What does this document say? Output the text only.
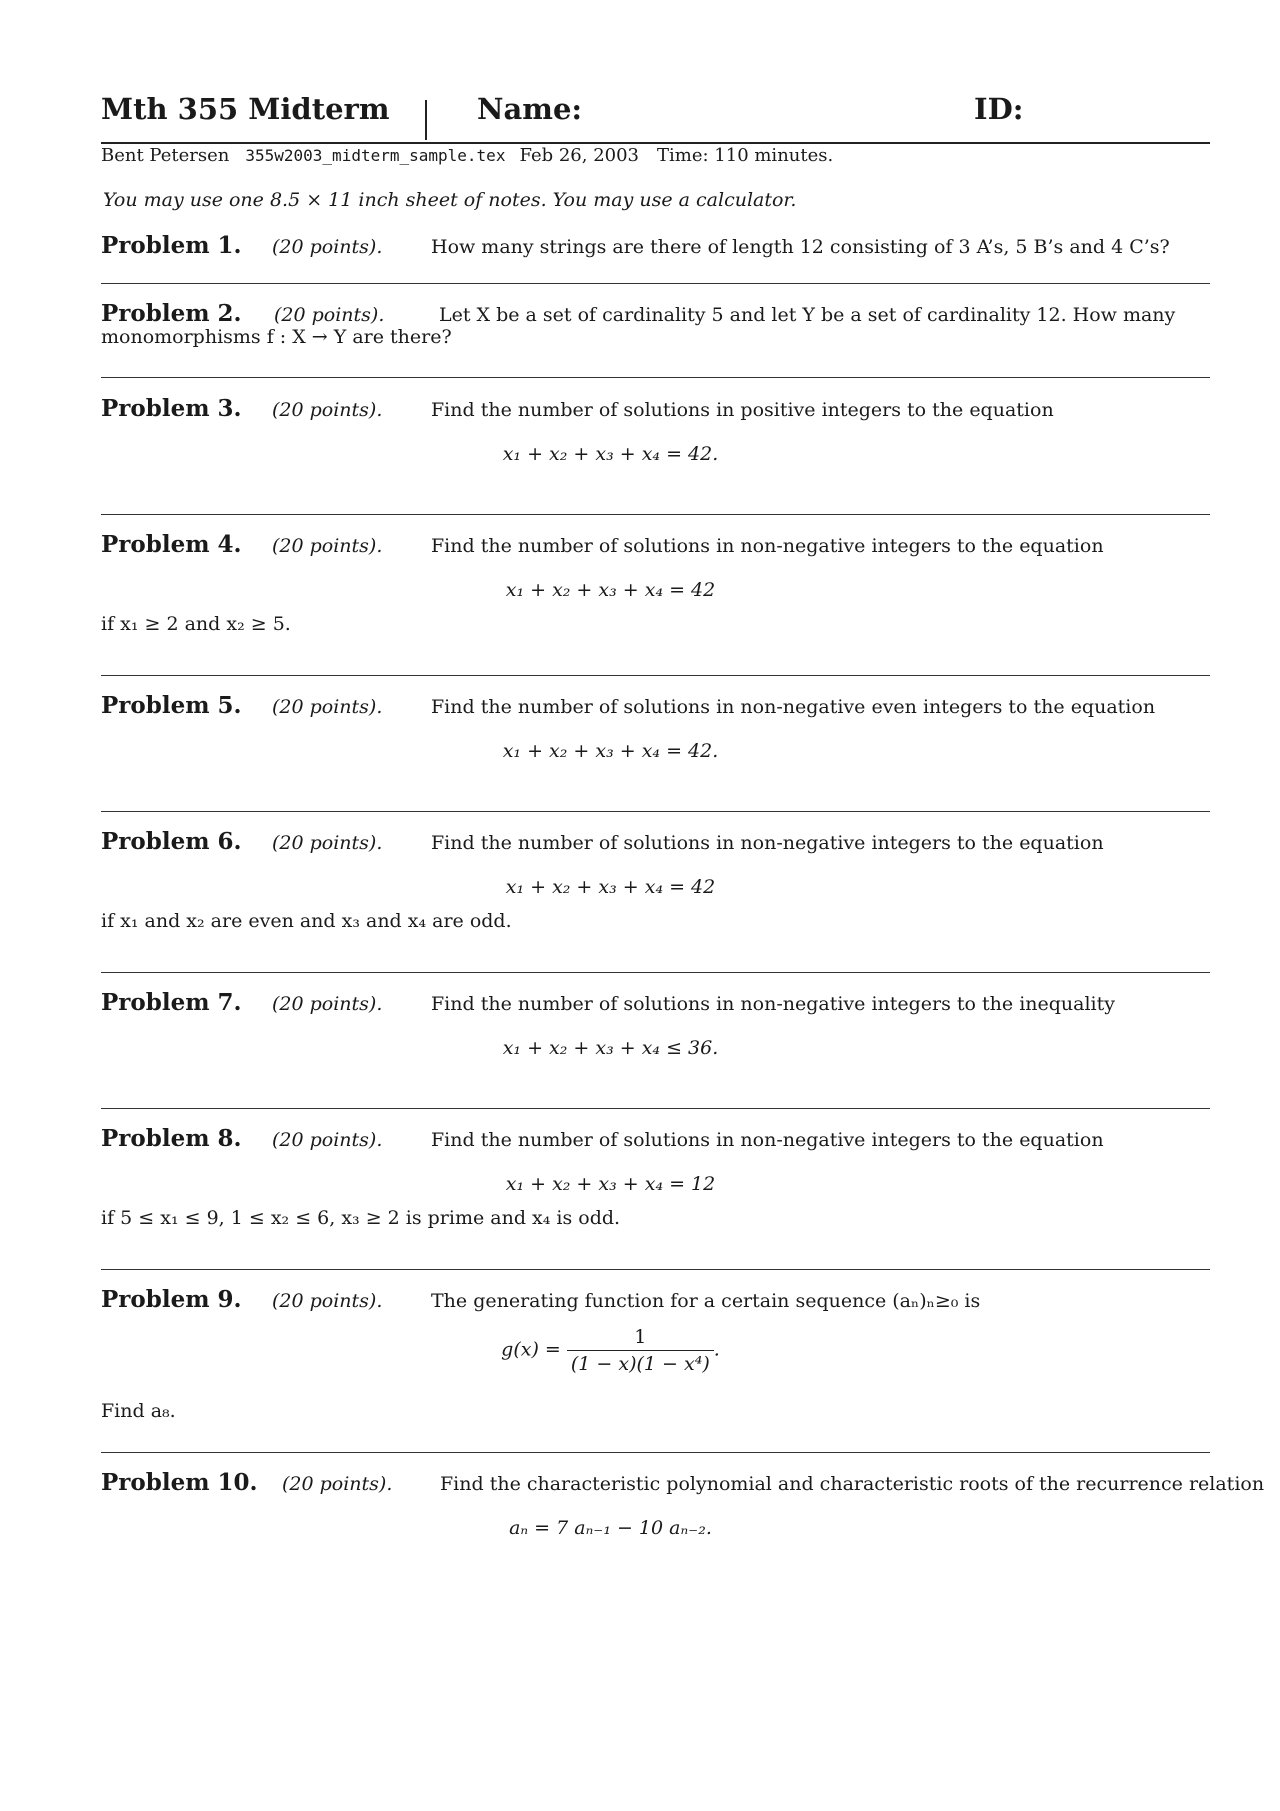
Mth 355 Midterm	Name:	ID:
Bent Petersen 355w2003_midterm_sample.tex Feb 26, 2003 Time: 110 minutes.
You may use one 8.5 × 11 inch sheet of notes. You may use a calculator.
Problem 1. (20 points).	How many strings are there of length 12 consisting of 3 A’s, 5 B’s and 4 C’s?
Problem 2. (20 points).	Let X be a set of cardinality 5 and let Y be a set of cardinality 12. How many
monomorphisms f : X → Y are there?
Problem 3. (20 points).	Find the number of solutions in positive integers to the equation
x₁ + x₂ + x₃ + x₄ = 42.
Problem 4. (20 points).	Find the number of solutions in non-negative integers to the equation
x₁ + x₂ + x₃ + x₄ = 42
if x₁ ≥ 2 and x₂ ≥ 5.
Problem 5. (20 points).	Find the number of solutions in non-negative even integers to the equation
x₁ + x₂ + x₃ + x₄ = 42.
Problem 6. (20 points).	Find the number of solutions in non-negative integers to the equation
x₁ + x₂ + x₃ + x₄ = 42
if x₁ and x₂ are even and x₃ and x₄ are odd.
Problem 7. (20 points).	Find the number of solutions in non-negative integers to the inequality
x₁ + x₂ + x₃ + x₄ ≤ 36.
Problem 8. (20 points).	Find the number of solutions in non-negative integers to the equation
x₁ + x₂ + x₃ + x₄ = 12
if 5 ≤ x₁ ≤ 9, 1 ≤ x₂ ≤ 6, x₃ ≥ 2 is prime and x₄ is odd.
Problem 9. (20 points).	The generating function for a certain sequence (aₙ)ₙ≥₀ is
$g(x) = \frac{1}{\text{(1 − x)(1 − x⁴)}}$ .
Find a₈.
Problem 10. (20 points).	Find the characteristic polynomial and characteristic roots of the recurrence relation
aₙ = 7 aₙ₋₁ − 10 aₙ₋₂.
